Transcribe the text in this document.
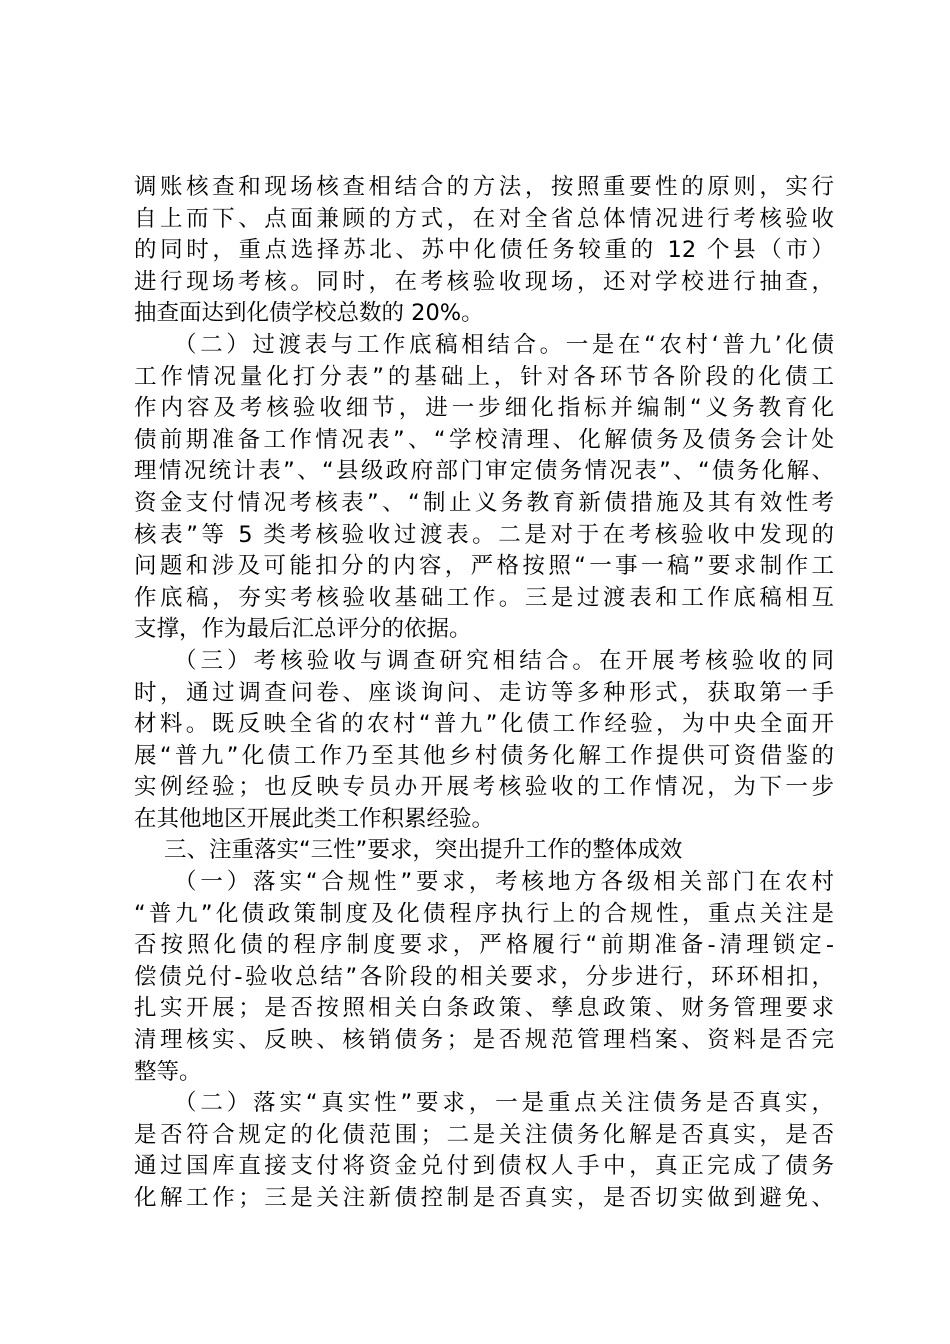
调账核查和现场核查相结合的方法，按照重要性的原则，实行
自上而下、点面兼顾的方式，在对全省总体情况进行考核验收
的同时，重点选择苏北、苏中化债任务较重的 12 个县（市）
进行现场考核。同时，在考核验收现场，还对学校进行抽查，
抽查面达到化债学校总数的 20%。
（二）过渡表与工作底稿相结合。一是在“农村‘普九’化债
工作情况量化打分表”的基础上，针对各环节各阶段的化债工
作内容及考核验收细节，进一步细化指标并编制“义务教育化
债前期准备工作情况表”、“学校清理、化解债务及债务会计处
理情况统计表”、“县级政府部门审定债务情况表”、“债务化解、
资金支付情况考核表”、“制止义务教育新债措施及其有效性考
核表”等 5 类考核验收过渡表。二是对于在考核验收中发现的
问题和涉及可能扣分的内容，严格按照“一事一稿”要求制作工
作底稿，夯实考核验收基础工作。三是过渡表和工作底稿相互
支撑，作为最后汇总评分的依据。
（三）考核验收与调查研究相结合。在开展考核验收的同
时，通过调查问卷、座谈询问、走访等多种形式，获取第一手
材料。既反映全省的农村“普九”化债工作经验，为中央全面开
展“普九”化债工作乃至其他乡村债务化解工作提供可资借鉴的
实例经验；也反映专员办开展考核验收的工作情况，为下一步
在其他地区开展此类工作积累经验。
三、注重落实“三性”要求，突出提升工作的整体成效
（一）落实“合规性”要求，考核地方各级相关部门在农村
“普九”化债政策制度及化债程序执行上的合规性，重点关注是
否按照化债的程序制度要求，严格履行“前期准备-清理锁定-
偿债兑付-验收总结”各阶段的相关要求，分步进行，环环相扣，
扎实开展；是否按照相关白条政策、孳息政策、财务管理要求
清理核实、反映、核销债务；是否规范管理档案、资料是否完
整等。
（二）落实“真实性”要求，一是重点关注债务是否真实，
是否符合规定的化债范围；二是关注债务化解是否真实，是否
通过国库直接支付将资金兑付到债权人手中，真正完成了债务
化解工作；三是关注新债控制是否真实，是否切实做到避免、
